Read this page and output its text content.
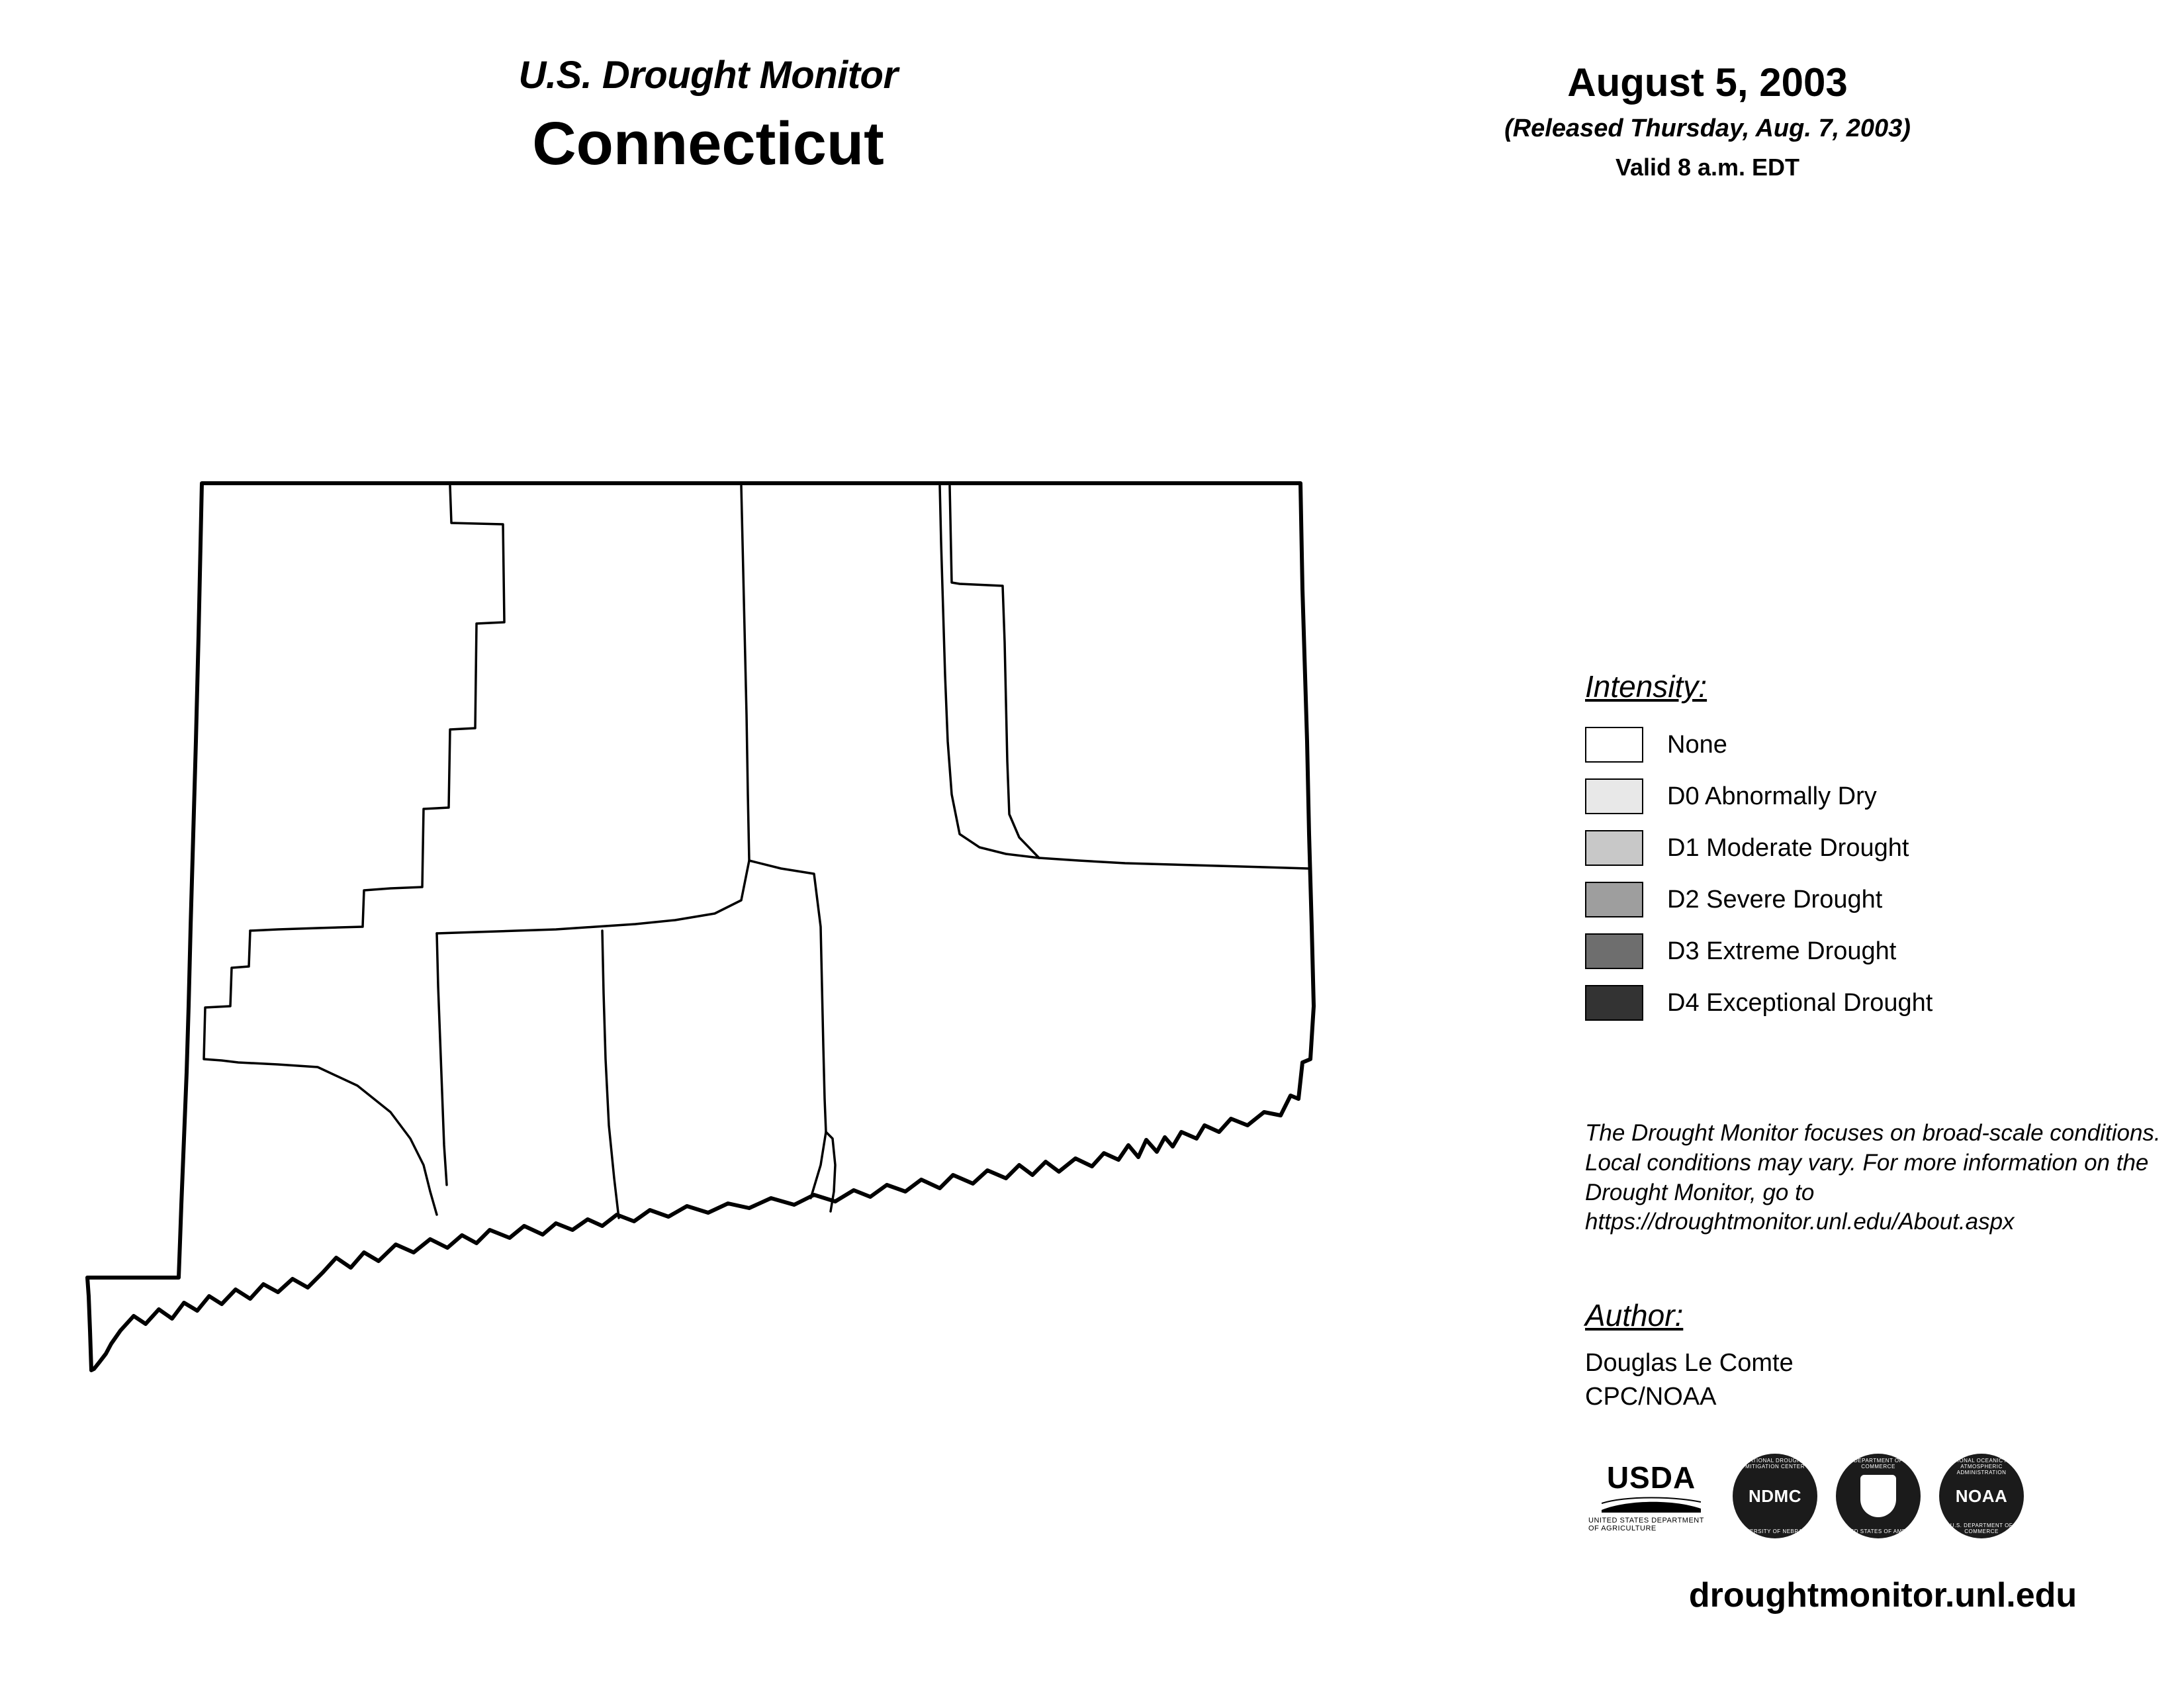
U.S. Drought Monitor
Connecticut
August 5, 2003
(Released Thursday, Aug. 7, 2003)
Valid 8 a.m. EDT
Intensity:
None
D0 Abnormally Dry
D1 Moderate Drought
D2 Severe Drought
D3 Extreme Drought
D4 Exceptional Drought
The Drought Monitor focuses on broad-scale conditions. Local conditions may vary. For more information on the Drought Monitor, go to https://droughtmonitor.unl.edu/About.aspx
Author:
Douglas Le Comte
CPC/NOAA
USDA
UNITED STATES DEPARTMENT OF AGRICULTURE
NATIONAL DROUGHT MITIGATION CENTER
NDMC
UNIVERSITY OF NEBRASKA
DEPARTMENT OF COMMERCE
UNITED STATES OF AMERICA
NATIONAL OCEANIC AND ATMOSPHERIC ADMINISTRATION
NOAA
U.S. DEPARTMENT OF COMMERCE
droughtmonitor.unl.edu
